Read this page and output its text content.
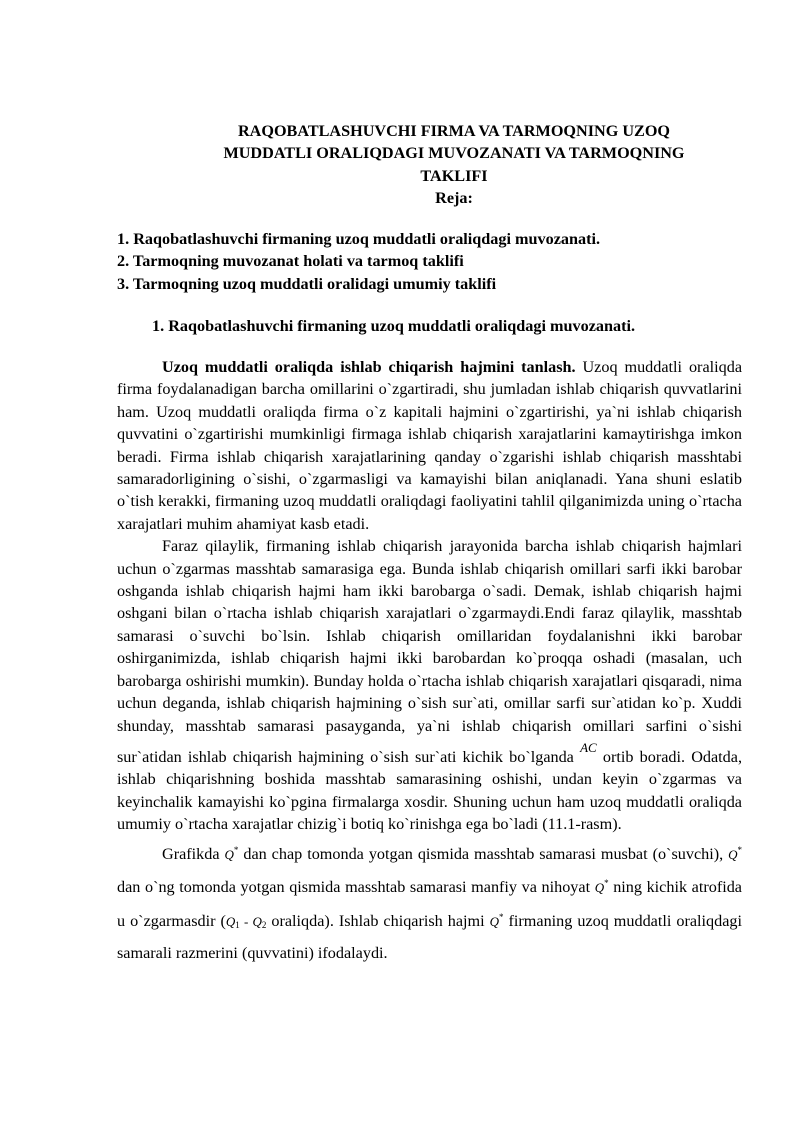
RAQOBATLASHUVCHI FIRMA VA TARMOQNING UZOQ
MUDDATLI ORALIQDAGI MUVOZANATI VA TARMOQNING
TAKLIFI
Reja:
1. Raqobatlashuvchi firmaning uzoq muddatli oraliqdagi muvozanati.
2. Tarmoqning muvozanat holati va tarmoq taklifi
3. Tarmoqning uzoq muddatli oralidagi umumiy taklifi
1. Raqobatlashuvchi firmaning uzoq muddatli oraliqdagi muvozanati.

Uzoq muddatli oraliqda ishlab chiqarish hajmini tanlash. Uzoq muddatli oraliqda firma foydalanadigan barcha omillarini o`zgartiradi, shu jumladan ishlab chiqarish quvvatlarini ham. Uzoq muddatli oraliqda firma o`z kapitali hajmini o`zgartirishi, ya`ni ishlab chiqarish quvvatini o`zgartirishi mumkinligi firmaga ishlab chiqarish xarajatlarini kamaytirishga imkon beradi. Firma ishlab chiqarish xarajatlarining qanday o`zgarishi ishlab chiqarish masshtabi samaradorligining o`sishi, o`zgarmasligi va kamayishi bilan aniqlanadi. Yana shuni eslatib o`tish kerakki, firmaning uzoq muddatli oraliqdagi faoliyatini tahlil qilganimizda uning o`rtacha xarajatlari muhim ahamiyat kasb etadi.

Faraz qilaylik, firmaning ishlab chiqarish jarayonida barcha ishlab chiqarish hajmlari uchun o`zgarmas masshtab samarasiga ega. Bunda ishlab chiqarish omillari sarfi ikki barobar oshganda ishlab chiqarish hajmi ham ikki barobarga o`sadi. Demak, ishlab chiqarish hajmi oshgani bilan o`rtacha ishlab chiqarish xarajatlari o`zgarmaydi.Endi faraz qilaylik, masshtab samarasi o`suvchi bo`lsin. Ishlab chiqarish omillaridan foydalanishni ikki barobar oshirganimizda, ishlab chiqarish hajmi ikki barobardan ko`proqqa oshadi (masalan, uch barobarga oshirishi mumkin). Bunday holda o`rtacha ishlab chiqarish xarajatlari qisqaradi, nima uchun deganda, ishlab chiqarish hajmining o`sish sur`ati, omillar sarfi sur`atidan ko`p. Xuddi shunday, masshtab samarasi pasayganda, ya`ni ishlab chiqarish omillari sarfini o`sishi sur`atidan ishlab chiqarish hajmining o`sish sur`ati kichik bo`lganda $^{AC}$ ortib boradi. Odatda, ishlab chiqarishning boshida masshtab samarasining oshishi, undan keyin o`zgarmas va keyinchalik kamayishi ko`pgina firmalarga xosdir. Shuning uchun ham uzoq muddatli oraliqda umumiy o`rtacha xarajatlar chizig`i botiq ko`rinishga ega bo`ladi (11.1-rasm).

Grafikda Q* dan chap tomonda yotgan qismida masshtab samarasi musbat (o`suvchi), Q* dan o`ng tomonda yotgan qismida masshtab samarasi manfiy va nihoyat Q* ning kichik atrofida u o`zgarmasdir ($Q_1 - Q_2$ oraliqda). Ishlab chiqarish hajmi Q* firmaning uzoq muddatli oraliqdagi samarali razmerini (quvvatini) ifodalaydi.
